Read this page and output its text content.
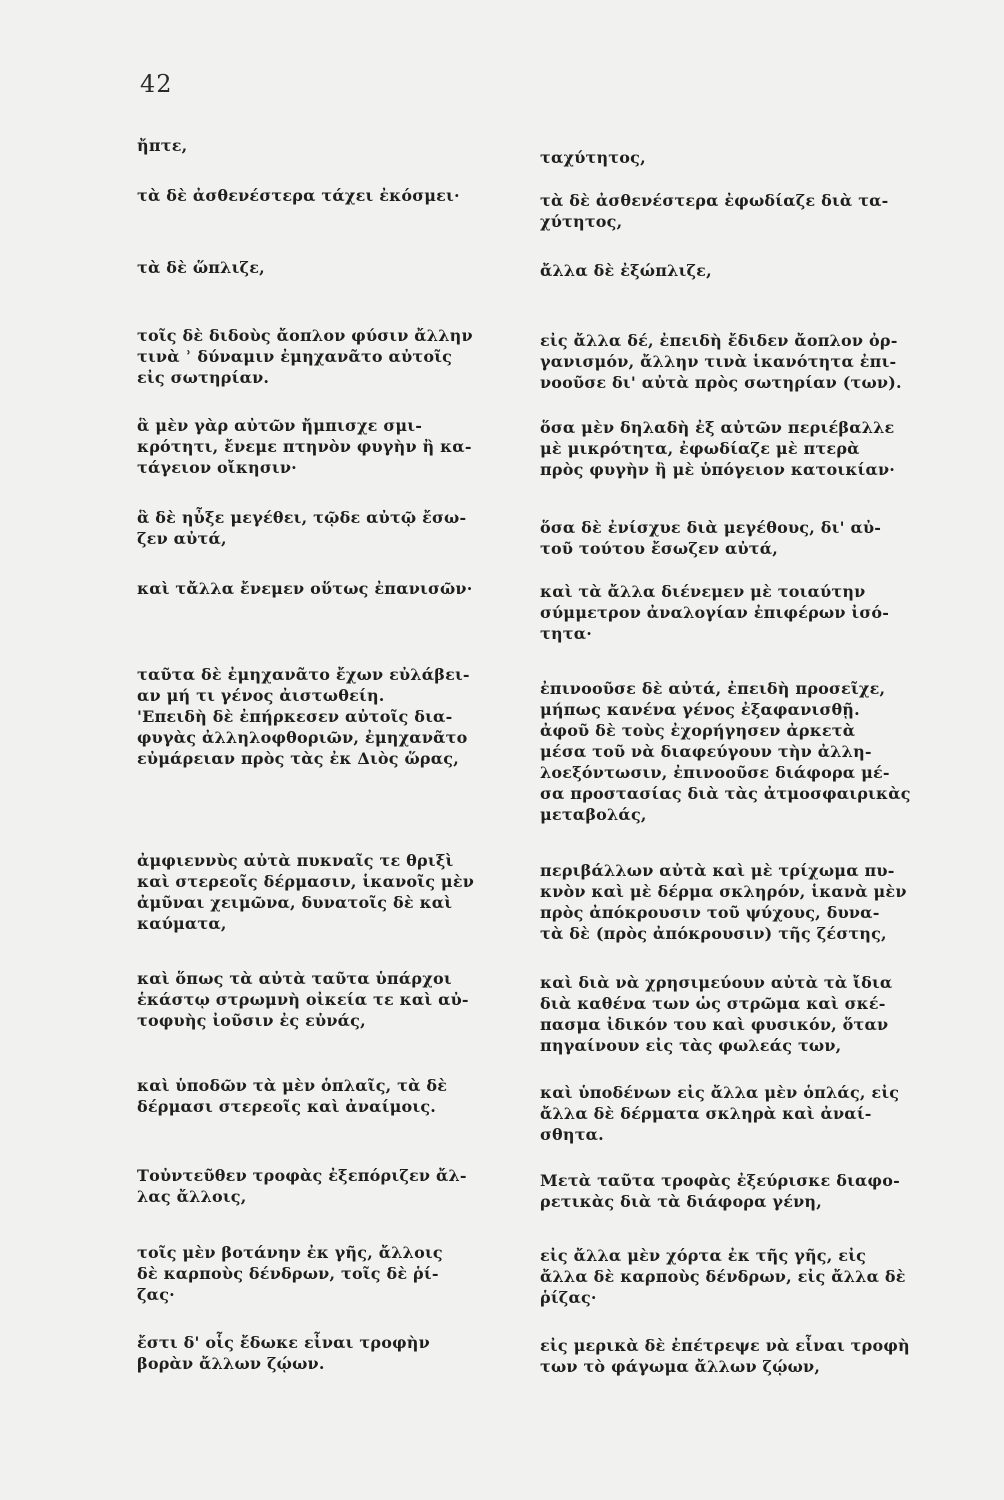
42
ἤπτε,
τὰ δὲ ἀσθενέστερα τάχει ἐκόσμει·
τὰ δὲ ὥπλιζε,
τοῖς δὲ διδοὺς ἄοπλον φύσιν ἄλλην
τινὰ ʾ δύναμιν ἐμηχανᾶτο αὐτοῖς
εἰς σωτηρίαν.
ἃ μὲν γὰρ αὐτῶν ἤμπισχε σμι-
κρότητι, ἔνεμε πτηνὸν φυγὴν ἢ κα-
τάγειον οἴκησιν·
ἃ δὲ ηὖξε μεγέθει, τῷδε αὐτῷ ἔσω-
ζεν αὐτά,
καὶ τἄλλα ἔνεμεν οὕτως ἐπανισῶν·
ταῦτα δὲ ἐμηχανᾶτο ἔχων εὐλάβει-
αν μή τι γένος ἀιστωθείη.
'Επειδὴ δὲ ἐπήρκεσεν αὐτοῖς δια-
φυγὰς ἀλληλοφθοριῶν, ἐμηχανᾶτο
εὐμάρειαν πρὸς τὰς ἐκ Διὸς ὥρας,
ἀμφιεννὺς αὐτὰ πυκναῖς τε θριξὶ
καὶ στερεοῖς δέρμασιν, ἱκανοῖς μὲν
ἀμῦναι χειμῶνα, δυνατοῖς δὲ καὶ
καύματα,
καὶ ὅπως τὰ αὐτὰ ταῦτα ὑπάρχοι
ἑκάστῳ στρωμνὴ οἰκεία τε καὶ αὐ-
τοφυὴς ἰοῦσιν ἐς εὐνάς,
καὶ ὑποδῶν τὰ μὲν ὁπλαῖς, τὰ δὲ
δέρμασι στερεοῖς καὶ ἀναίμοις.
Τοὐντεῦθεν τροφὰς ἐξεπόριζεν ἄλ-
λας ἄλλοις,
τοῖς μὲν βοτάνην ἐκ γῆς, ἄλλοις
δὲ καρποὺς δένδρων, τοῖς δὲ ῥί-
ζας·
ἔστι δ' οἷς ἔδωκε εἶναι τροφὴν
βορὰν ἄλλων ζῴων.
ταχύτητος,
τὰ δὲ ἀσθενέστερα ἐφωδίαζε διὰ τα-
χύτητος,
ἄλλα δὲ ἐξώπλιζε,
εἰς ἄλλα δέ, ἐπειδὴ ἔδιδεν ἄοπλον ὀρ-
γανισμόν, ἄλλην τινὰ ἱκανότητα ἐπι-
νοοῦσε δι' αὐτὰ πρὸς σωτηρίαν (των).
ὅσα μὲν δηλαδὴ ἐξ αὐτῶν περιέβαλλε
μὲ μικρότητα, ἐφωδίαζε μὲ πτερὰ
πρὸς φυγὴν ἢ μὲ ὑπόγειον κατοικίαν·
ὅσα δὲ ἐνίσχυε διὰ μεγέθους, δι' αὐ-
τοῦ τούτου ἔσωζεν αὐτά,
καὶ τὰ ἄλλα διένεμεν μὲ τοιαύτην
σύμμετρον ἀναλογίαν ἐπιφέρων ἰσό-
τητα·
ἐπινοοῦσε δὲ αὐτά, ἐπειδὴ προσεῖχε,
μήπως κανένα γένος ἐξαφανισθῇ.
ἀφοῦ δὲ τοὺς ἐχορήγησεν ἀρκετὰ
μέσα τοῦ νὰ διαφεύγουν τὴν ἀλλη-
λοεξόντωσιν, ἐπινοοῦσε διάφορα μέ-
σα προστασίας διὰ τὰς ἀτμοσφαιρικὰς
μεταβολάς,
περιβάλλων αὐτὰ καὶ μὲ τρίχωμα πυ-
κνὸν καὶ μὲ δέρμα σκληρόν, ἱκανὰ μὲν
πρὸς ἀπόκρουσιν τοῦ ψύχους, δυνα-
τὰ δὲ (πρὸς ἀπόκρουσιν) τῆς ζέστης,
καὶ διὰ νὰ χρησιμεύουν αὐτὰ τὰ ἴδια
διὰ καθένα των ὡς στρῶμα καὶ σκέ-
πασμα ἰδικόν του καὶ φυσικόν, ὅταν
πηγαίνουν εἰς τὰς φωλεάς των,
καὶ ὑποδένων εἰς ἄλλα μὲν ὁπλάς, εἰς
ἄλλα δὲ δέρματα σκληρὰ καὶ ἀναί-
σθητα.
Μετὰ ταῦτα τροφὰς ἐξεύρισκε διαφο-
ρετικὰς διὰ τὰ διάφορα γένη,
εἰς ἄλλα μὲν χόρτα ἐκ τῆς γῆς, εἰς
ἄλλα δὲ καρποὺς δένδρων, εἰς ἄλλα δὲ
ῥίζας·
εἰς μερικὰ δὲ ἐπέτρεψε νὰ εἶναι τροφὴ
των τὸ φάγωμα ἄλλων ζῴων,
